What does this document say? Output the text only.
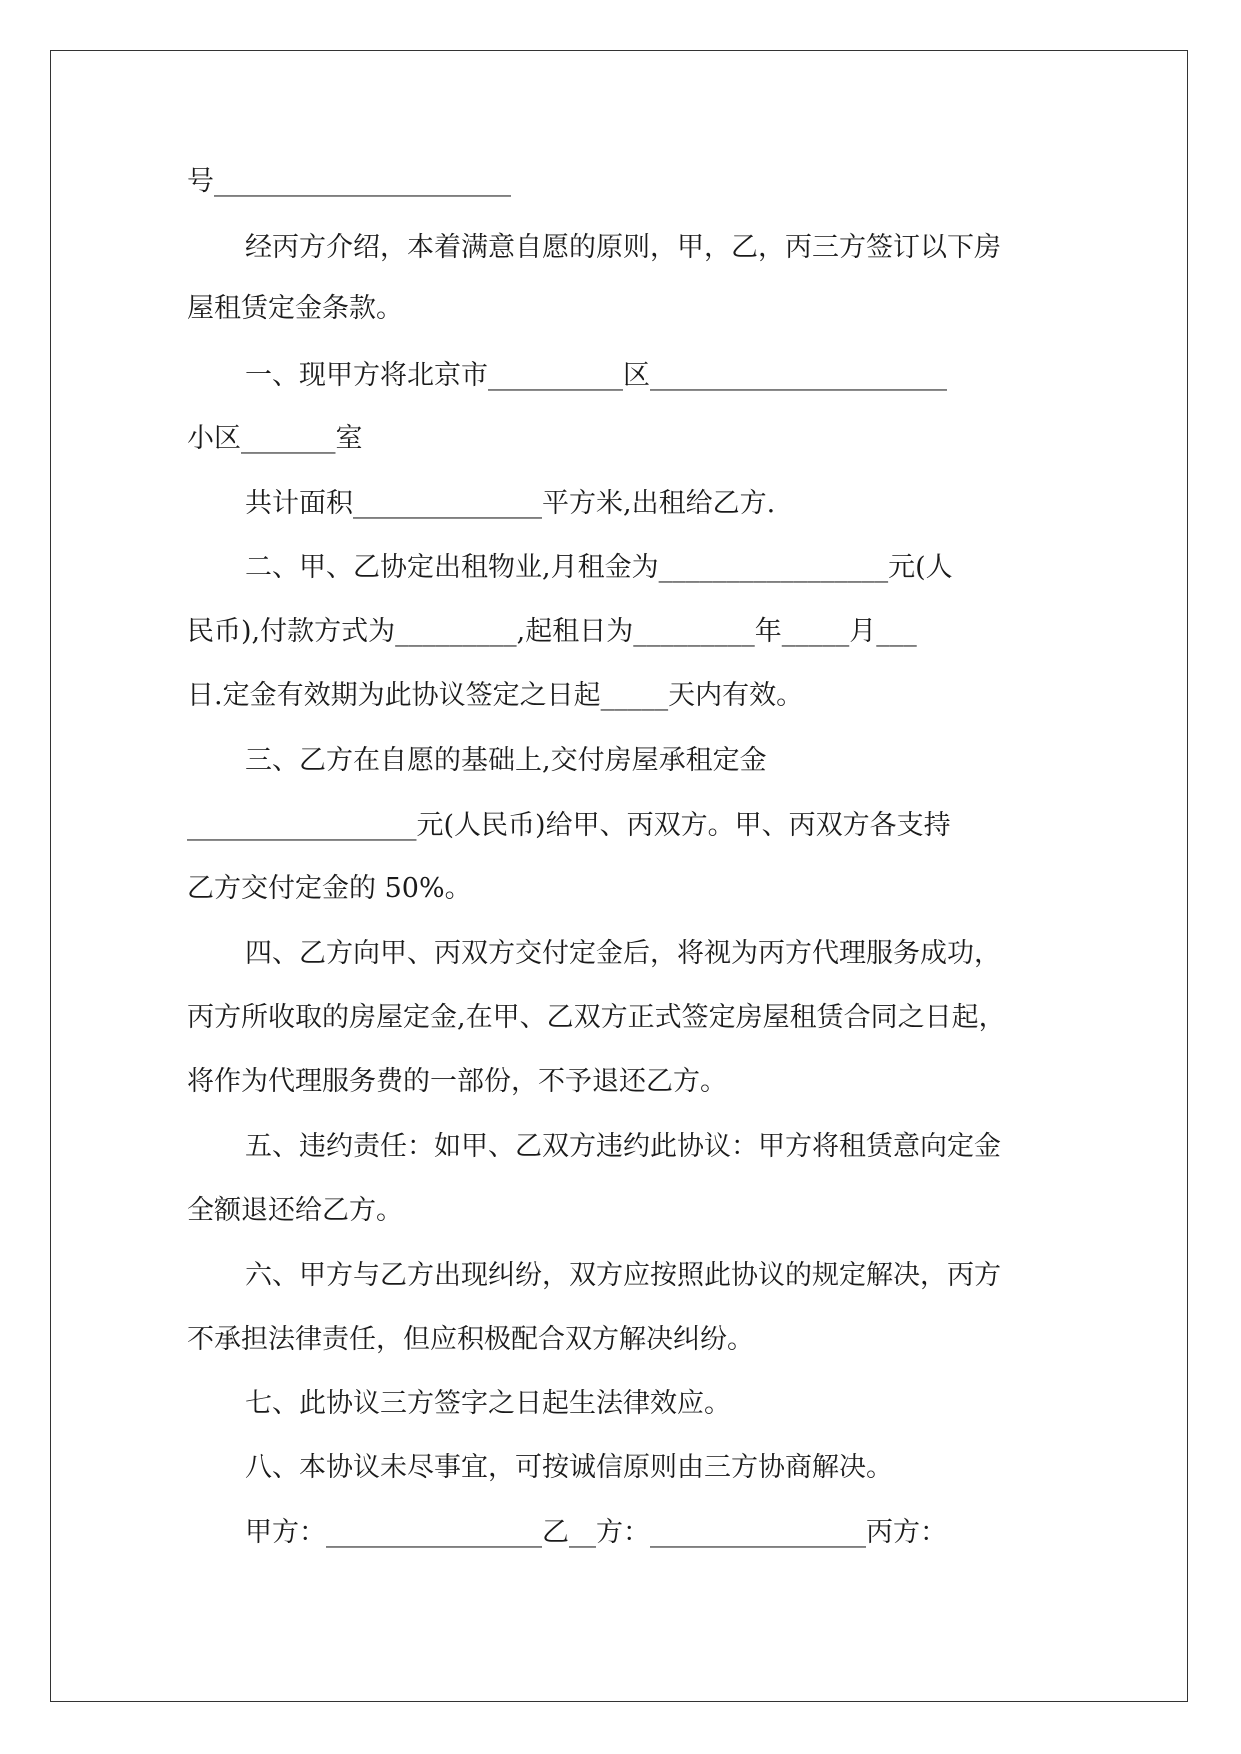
号______________________
经丙方介绍，本着满意自愿的原则，甲，乙，丙三方签订以下房
屋租赁定金条款。
一、现甲方将北京市__________区______________________
小区_______室
共计面积______________平方米,出租给乙方.
二、甲、乙协定出租物业,月租金为_________________元(人
民币),付款方式为_________,起租日为_________年_____月___
日.定金有效期为此协议签定之日起_____天内有效。
三、乙方在自愿的基础上,交付房屋承租定金
_________________元(人民币)给甲、丙双方。甲、丙双方各支持
乙方交付定金的 50%。
四、乙方向甲、丙双方交付定金后，将视为丙方代理服务成功，
丙方所收取的房屋定金,在甲、乙双方正式签定房屋租赁合同之日起，
将作为代理服务费的一部份，不予退还乙方。
五、违约责任：如甲、乙双方违约此协议：甲方将租赁意向定金
全额退还给乙方。
六、甲方与乙方出现纠纷，双方应按照此协议的规定解决，丙方
不承担法律责任，但应积极配合双方解决纠纷。
七、此协议三方签字之日起生法律效应。
八、本协议未尽事宜，可按诚信原则由三方协商解决。
甲方：________________乙__方：________________丙方：
